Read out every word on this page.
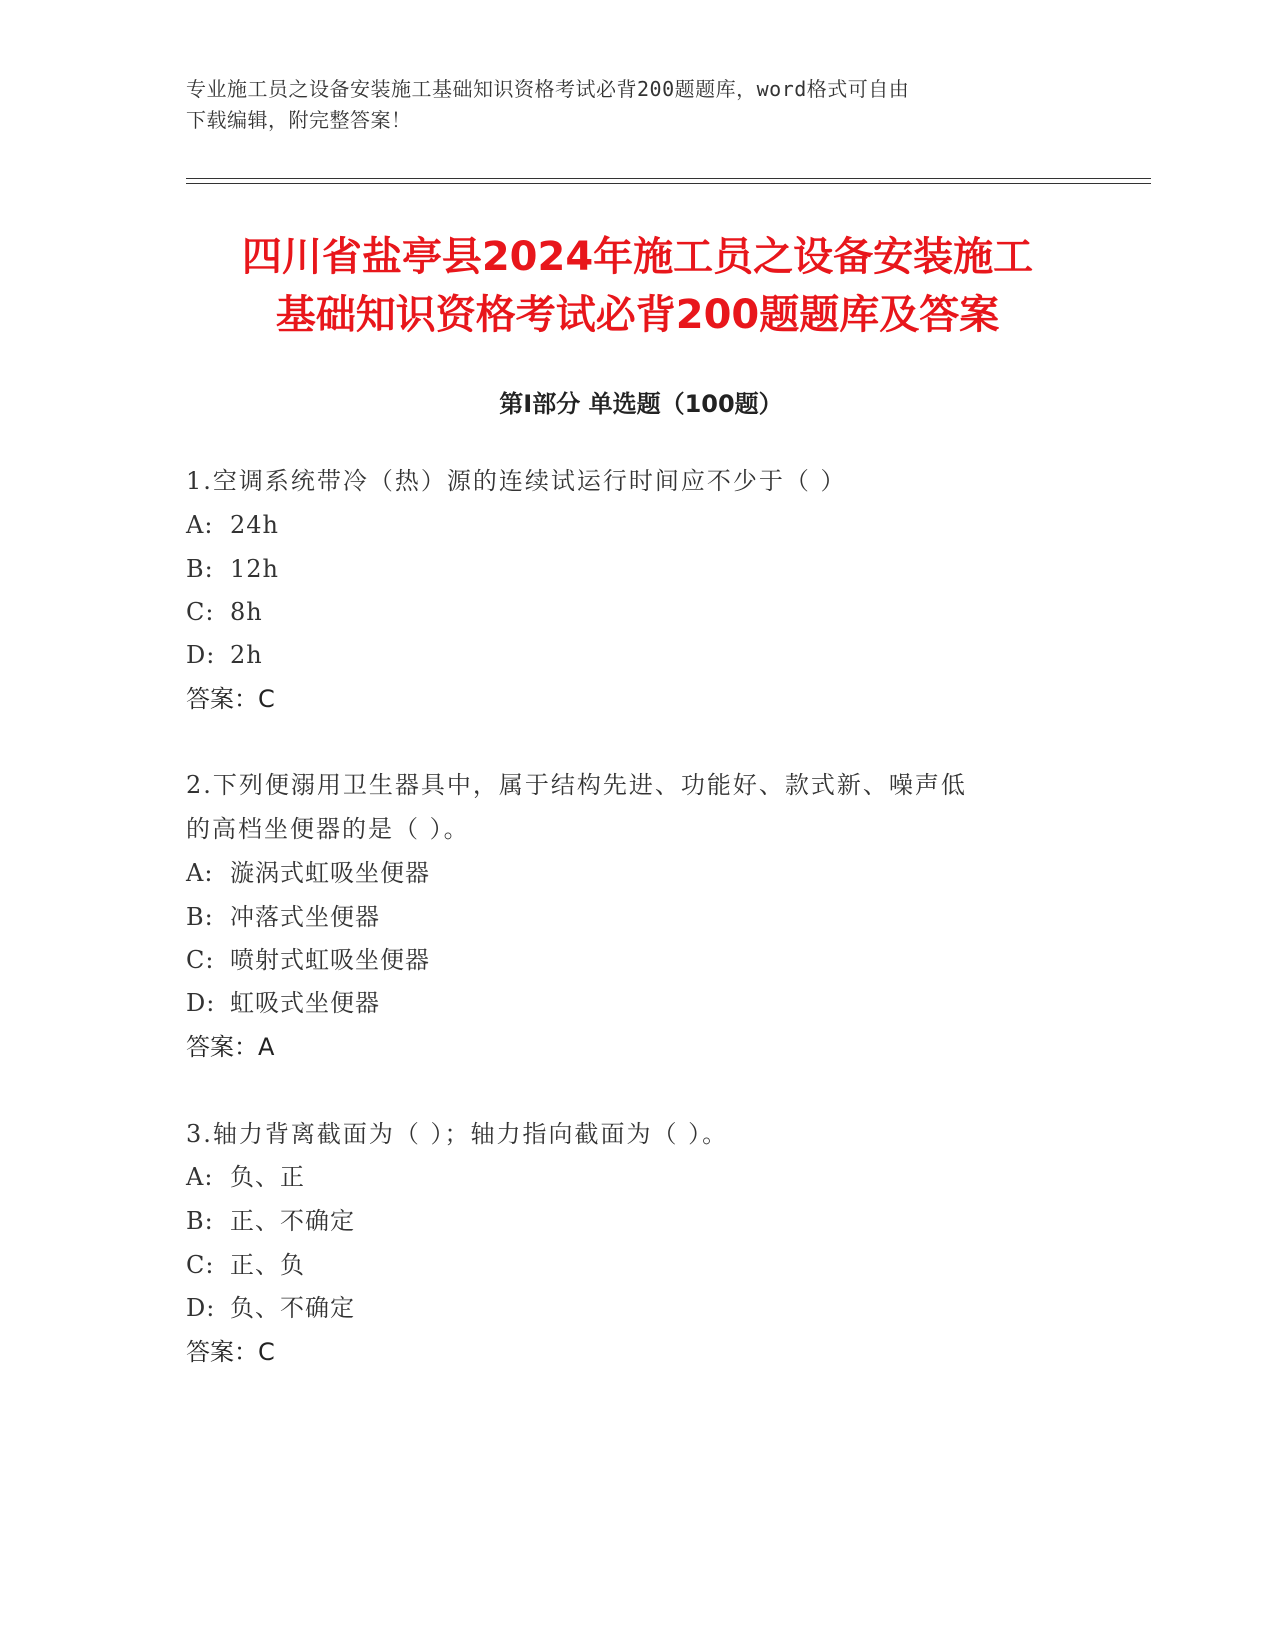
专业施工员之设备安装施工基础知识资格考试必背200题题库，word格式可自由
下载编辑，附完整答案！
四川省盐亭县2024年施工员之设备安装施工
基础知识资格考试必背200题题库及答案
第Ⅰ部分 单选题（100题）
1.空调系统带冷（热）源的连续试运行时间应不少于（ ）
A: 24h
B: 12h
C: 8h
D: 2h
答案：C
2.下列便溺用卫生器具中，属于结构先进、功能好、款式新、噪声低
的高档坐便器的是（ ）。
A: 漩涡式虹吸坐便器
B: 冲落式坐便器
C: 喷射式虹吸坐便器
D: 虹吸式坐便器
答案：A
3.轴力背离截面为（ ）；轴力指向截面为（ ）。
A: 负、正
B: 正、不确定
C: 正、负
D: 负、不确定
答案：C
